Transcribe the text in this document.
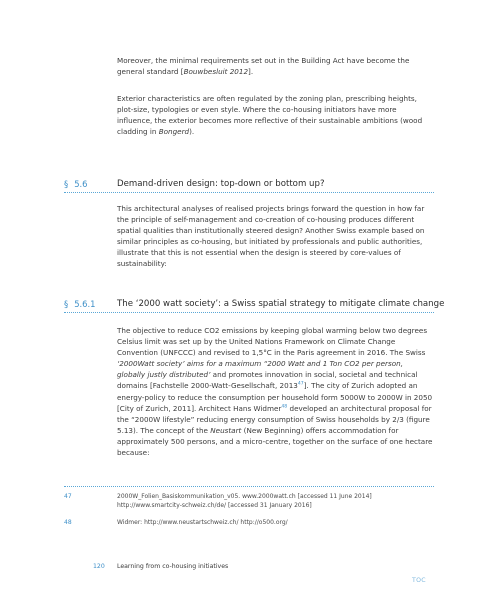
Moreover, the minimal requirements set out in the Building Act have become the general standard [Bouwbesluit 2012].

Exterior characteristics are often regulated by the zoning plan, prescribing heights, plot-size, typologies or even style. Where the co-housing initiators have more influence, the exterior becomes more reflective of their sustainable ambitions (wood cladding in Bongerd).

§ 5.6	Demand-driven design: top-down or bottom up?

This architectural analyses of realised projects brings forward the question in how far the principle of self-management and co-creation of co-housing produces different spatial qualities than institutionally steered design? Another Swiss example based on similar principles as co-housing, but initiated by professionals and public authorities, illustrate that this is not essential when the design is steered by core-values of sustainability:

§ 5.6.1	The ‘2000 watt society’: a Swiss spatial strategy to mitigate climate change

The objective to reduce CO2 emissions by keeping global warming below two degrees Celsius limit was set up by the United Nations Framework on Climate Change Convention (UNFCCC) and revised to 1,5°C in the Paris agreement in 2016. The Swiss ‘2000Watt society’ aims for a maximum “2000 Watt and 1 Ton CO2 per person, globally justly distributed’ and promotes innovation in social, societal and technical domains [Fachstelle 2000-Watt-Gesellschaft, 2013$^{47}$]. The city of Zurich adopted an energy-policy to reduce the consumption per household form 5000W to 2000W in 2050 [City of Zurich, 2011]. Architect Hans Widmer$^{48}$ developed an architectural proposal for the “2000W lifestyle” reducing energy consumption of Swiss households by 2/3 (figure 5.13). The concept of the Neustart (New Beginning) offers accommodation for approximately 500 persons, and a micro-centre, together on the surface of one hectare because:

47	2000W_Folien_Basiskommunikation_v05. www.2000watt.ch [accessed 11 June 2014] http://www.smartcity-schweiz.ch/de/ [accessed 31 January 2016]

48	Widmer: http://www.neustartschweiz.ch/ http://o500.org/

120 Learning from co-housing initiatives
TOC
